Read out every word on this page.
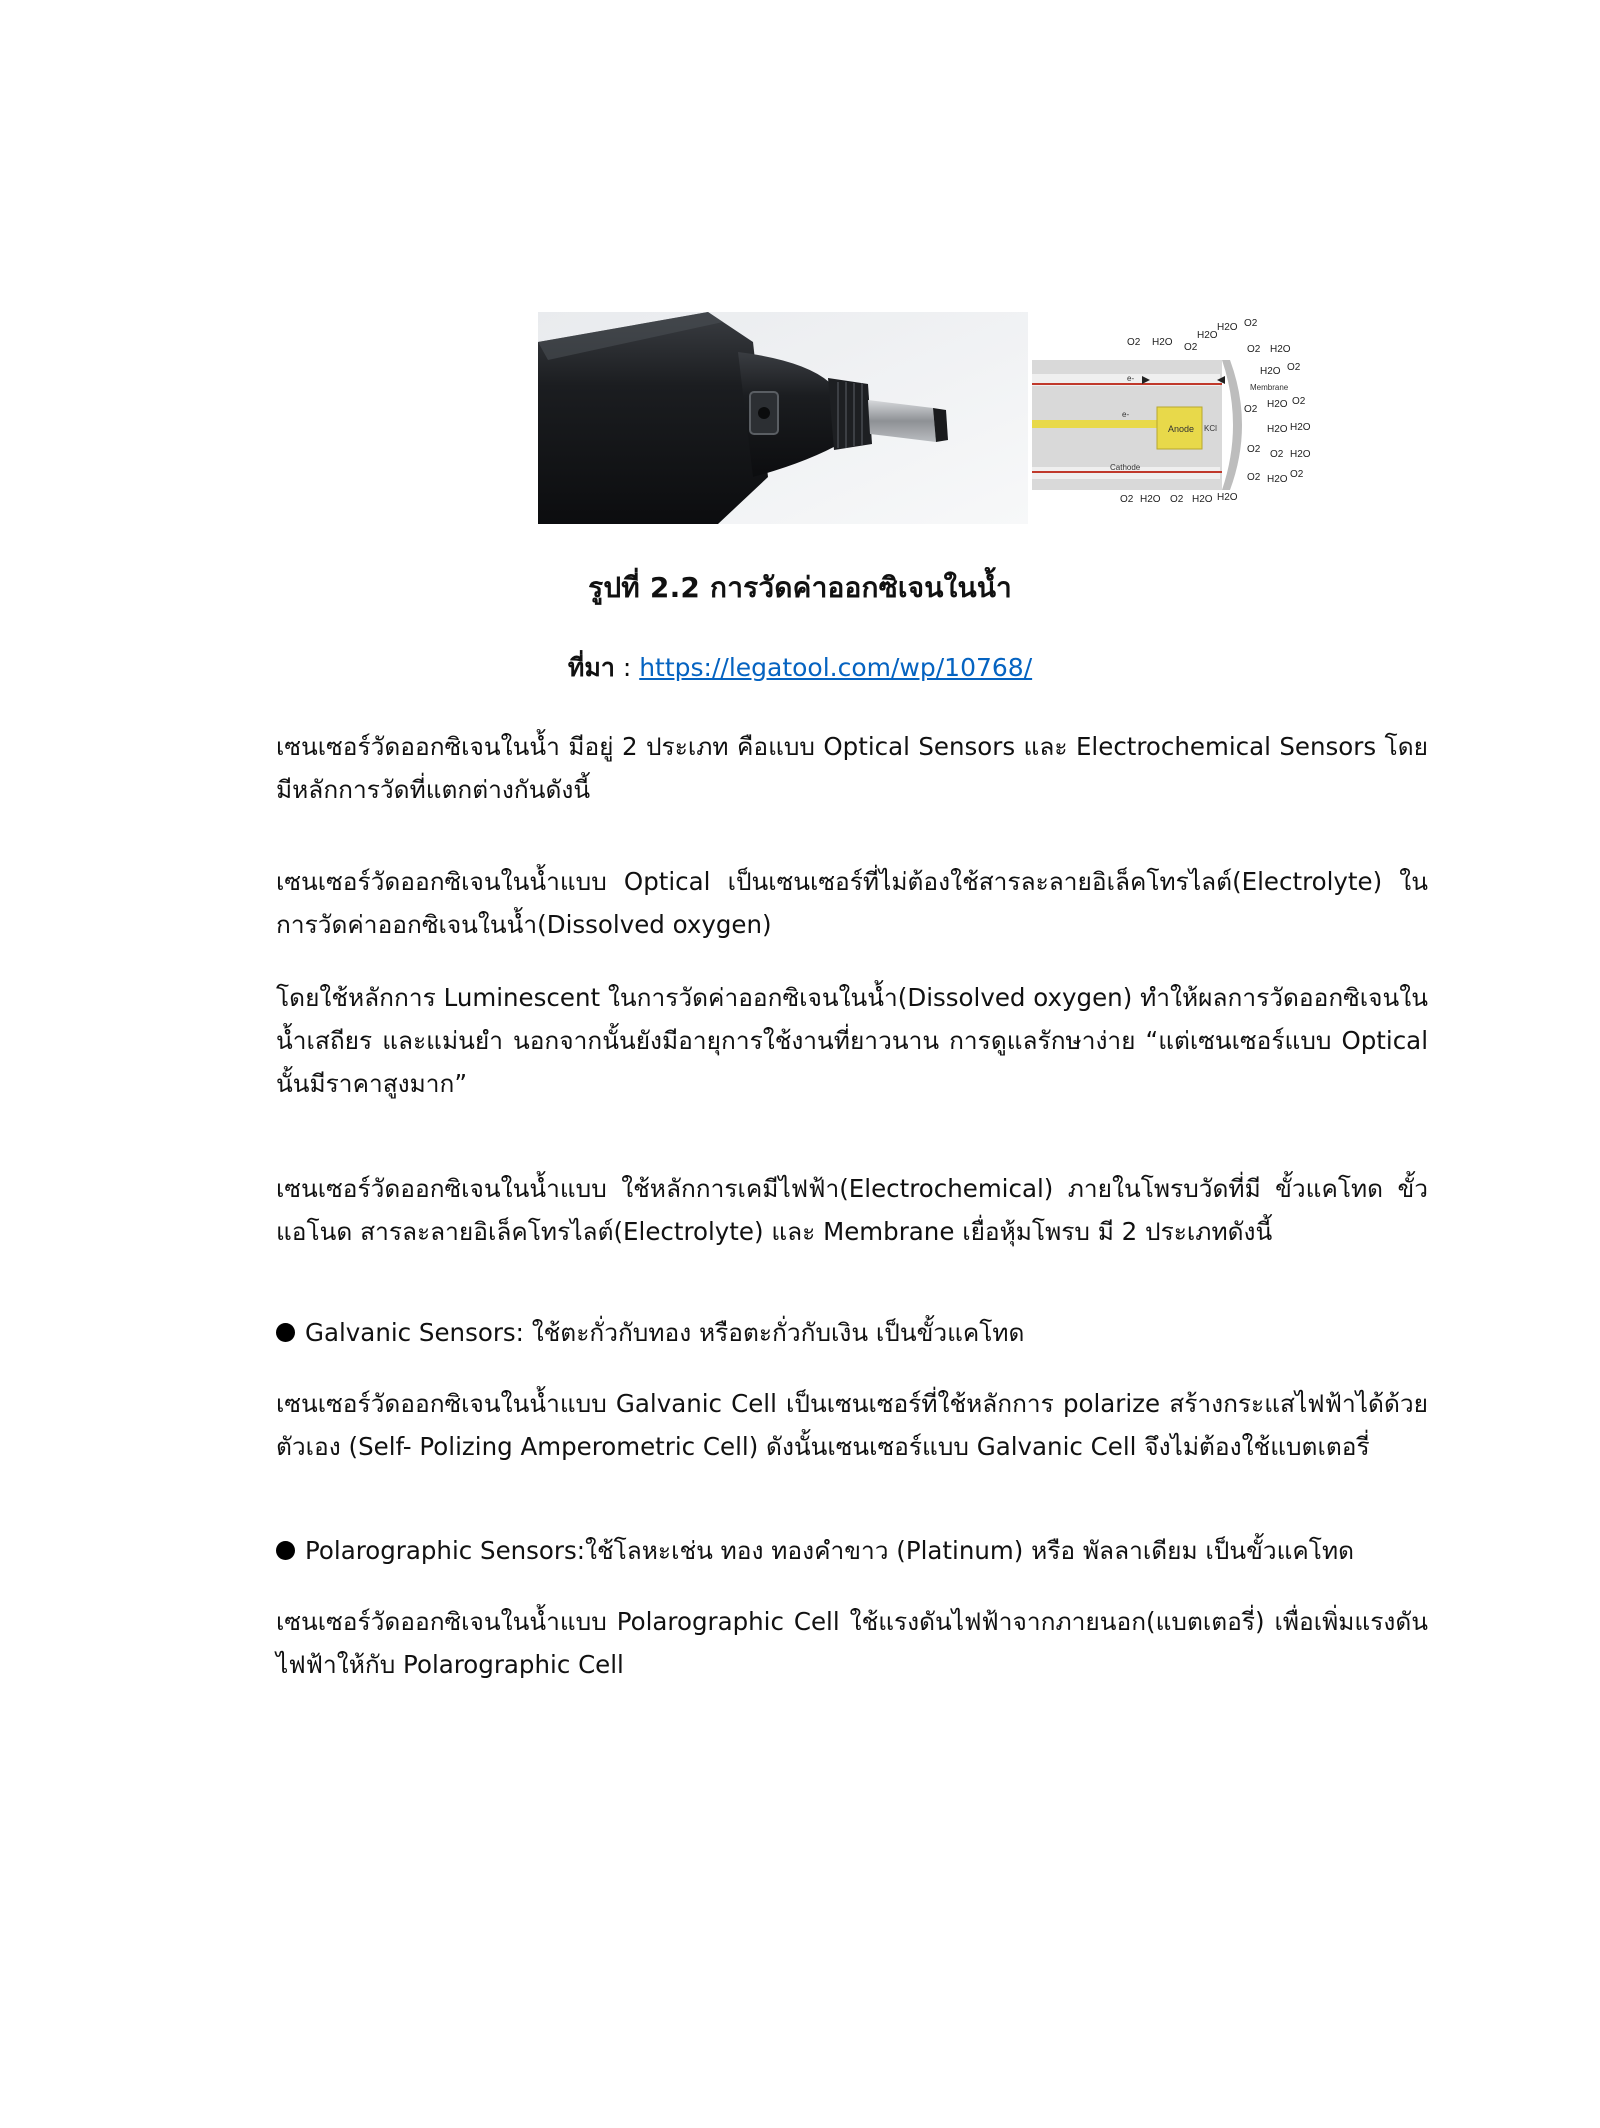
Anode KCl
Cathode
Membrane
e-
e-
O2 H2O O2
H2O
H2O O2
O2 H2O
H2O O2
O2 H2O O2
H2O H2O
O2 O2 H2O
O2 H2O O2
O2 H2O O2 H2O H2O
รูปที่ 2.2 การวัดค่าออกซิเจนในน้ำ
ที่มา : https://legatool.com/wp/10768/

เซนเซอร์วัดออกซิเจนในน้ำ มีอยู่ 2 ประเภท คือแบบ Optical Sensors และ Electrochemical Sensors โดยมีหลักการวัดที่แตกต่างกันดังนี้

เซนเซอร์วัดออกซิเจนในน้ำแบบ Optical เป็นเซนเซอร์ที่ไม่ต้องใช้สารละลายอิเล็คโทรไลต์(Electrolyte) ในการวัดค่าออกซิเจนในน้ำ(Dissolved oxygen)

โดยใช้หลักการ Luminescent ในการวัดค่าออกซิเจนในน้ำ(Dissolved oxygen) ทำให้ผลการวัดออกซิเจนในน้ำเสถียร และแม่นยำ นอกจากนั้นยังมีอายุการใช้งานที่ยาวนาน การดูแลรักษาง่าย “แต่เซนเซอร์แบบ Optical นั้นมีราคาสูงมาก”

เซนเซอร์วัดออกซิเจนในน้ำแบบ ใช้หลักการเคมีไฟฟ้า(Electrochemical) ภายในโพรบวัดที่มี ขั้วแคโทด ขั้วแอโนด สารละลายอิเล็คโทรไลต์(Electrolyte) และ Membrane เยื่อหุ้มโพรบ มี 2 ประเภทดังนี้

Galvanic Sensors: ใช้ตะกั่วกับทอง หรือตะกั่วกับเงิน เป็นขั้วแคโทด

เซนเซอร์วัดออกซิเจนในน้ำแบบ Galvanic Cell เป็นเซนเซอร์ที่ใช้หลักการ polarize สร้างกระแสไฟฟ้าได้ด้วยตัวเอง (Self- Polizing Amperometric Cell) ดังนั้นเซนเซอร์แบบ Galvanic Cell จึงไม่ต้องใช้แบตเตอรี่

Polarographic Sensors:ใช้โลหะเช่น ทอง ทองคำขาว (Platinum) หรือ พัลลาเดียม เป็นขั้วแคโทด

เซนเซอร์วัดออกซิเจนในน้ำแบบ Polarographic Cell ใช้แรงดันไฟฟ้าจากภายนอก(แบตเตอรี่) เพื่อเพิ่มแรงดันไฟฟ้าให้กับ Polarographic Cell
